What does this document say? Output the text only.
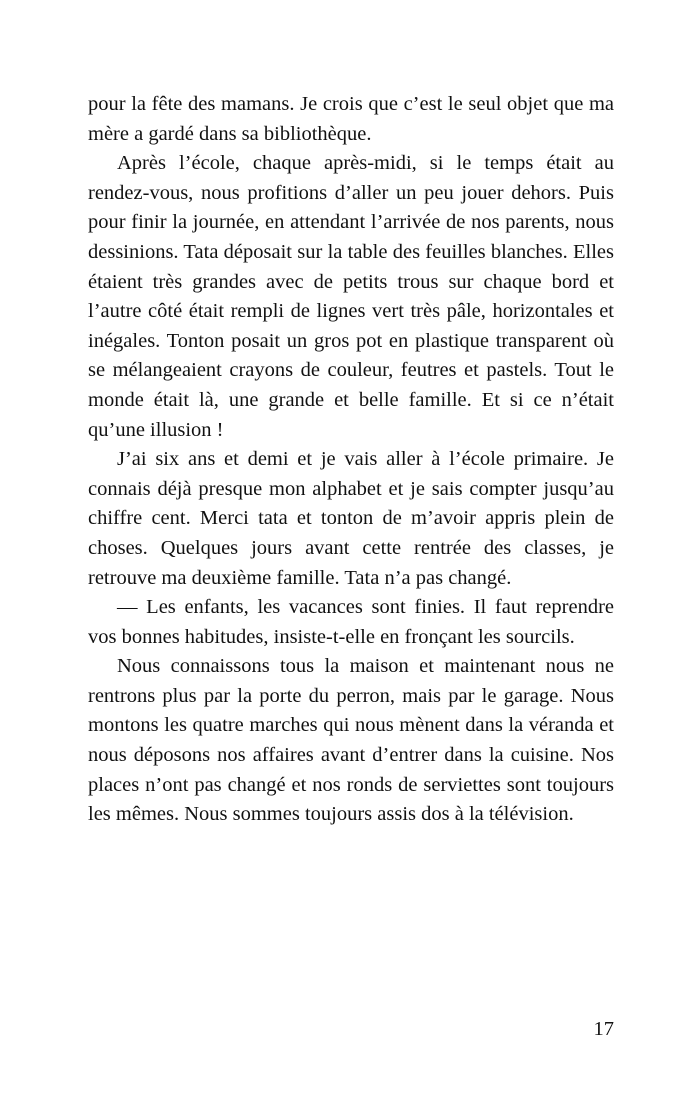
pour la fête des mamans. Je crois que c’est le seul objet que ma mère a gardé dans sa bibliothèque.

Après l’école, chaque après-midi, si le temps était au rendez-vous, nous profitions d’aller un peu jouer dehors. Puis pour finir la journée, en attendant l’arrivée de nos parents, nous dessinions. Tata déposait sur la table des feuilles blanches. Elles étaient très grandes avec de petits trous sur chaque bord et l’autre côté était rempli de lignes vert très pâle, horizontales et inégales. Tonton posait un gros pot en plastique transparent où se mélangeaient crayons de couleur, feutres et pastels. Tout le monde était là, une grande et belle famille. Et si ce n’était qu’une illusion !

J’ai six ans et demi et je vais aller à l’école primaire. Je connais déjà presque mon alphabet et je sais compter jusqu’au chiffre cent. Merci tata et tonton de m’avoir appris plein de choses. Quelques jours avant cette rentrée des classes, je retrouve ma deuxième famille. Tata n’a pas changé.

— Les enfants, les vacances sont finies. Il faut reprendre vos bonnes habitudes, insiste-t-elle en fronçant les sourcils.

Nous connaissons tous la maison et maintenant nous ne rentrons plus par la porte du perron, mais par le garage. Nous montons les quatre marches qui nous mènent dans la véranda et nous déposons nos affaires avant d’entrer dans la cuisine. Nos places n’ont pas changé et nos ronds de serviettes sont toujours les mêmes. Nous sommes toujours assis dos à la télévision.

17
